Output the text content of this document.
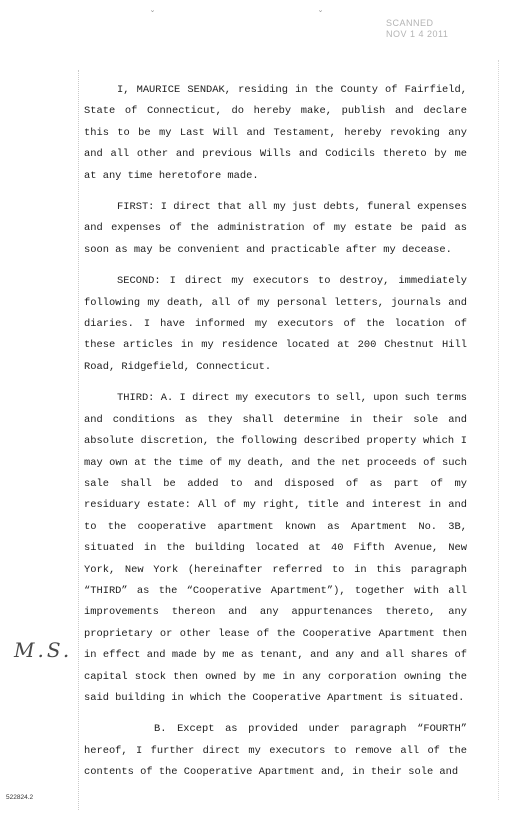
ˇ	ˇ
SCANNED
NOV 1 4 2011

I, MAURICE SENDAK, residing in the County of Fairfield, State of Connecticut, do hereby make, publish and declare this to be my Last Will and Testament, hereby revoking any and all other and previous Wills and Codicils thereto by me at any time heretofore made.

FIRST: I direct that all my just debts, funeral expenses and expenses of the administration of my estate be paid as soon as may be convenient and practicable after my decease.

SECOND: I direct my executors to destroy, immediately following my death, all of my personal letters, journals and diaries. I have informed my executors of the location of these articles in my residence located at 200 Chestnut Hill Road, Ridgefield, Connecticut.

THIRD: A. I direct my executors to sell, upon such terms and conditions as they shall determine in their sole and absolute discretion, the following described property which I may own at the time of my death, and the net proceeds of such sale shall be added to and disposed of as part of my residuary estate: All of my right, title and interest in and to the cooperative apartment known as Apartment No. 3B, situated in the building located at 40 Fifth Avenue, New York, New York (hereinafter referred to in this paragraph “THIRD” as the “Cooperative Apartment”), together with all improvements thereon and any appurtenances thereto, any proprietary or other lease of the Cooperative Apartment then in effect and made by me as tenant, and any and all shares of capital stock then owned by me in any corporation owning the said building in which the Cooperative Apartment is situated.

B. Except as provided under paragraph “FOURTH” hereof, I further direct my executors to remove all of the contents of the Cooperative Apartment and, in their sole and

M.S.
522824.2
